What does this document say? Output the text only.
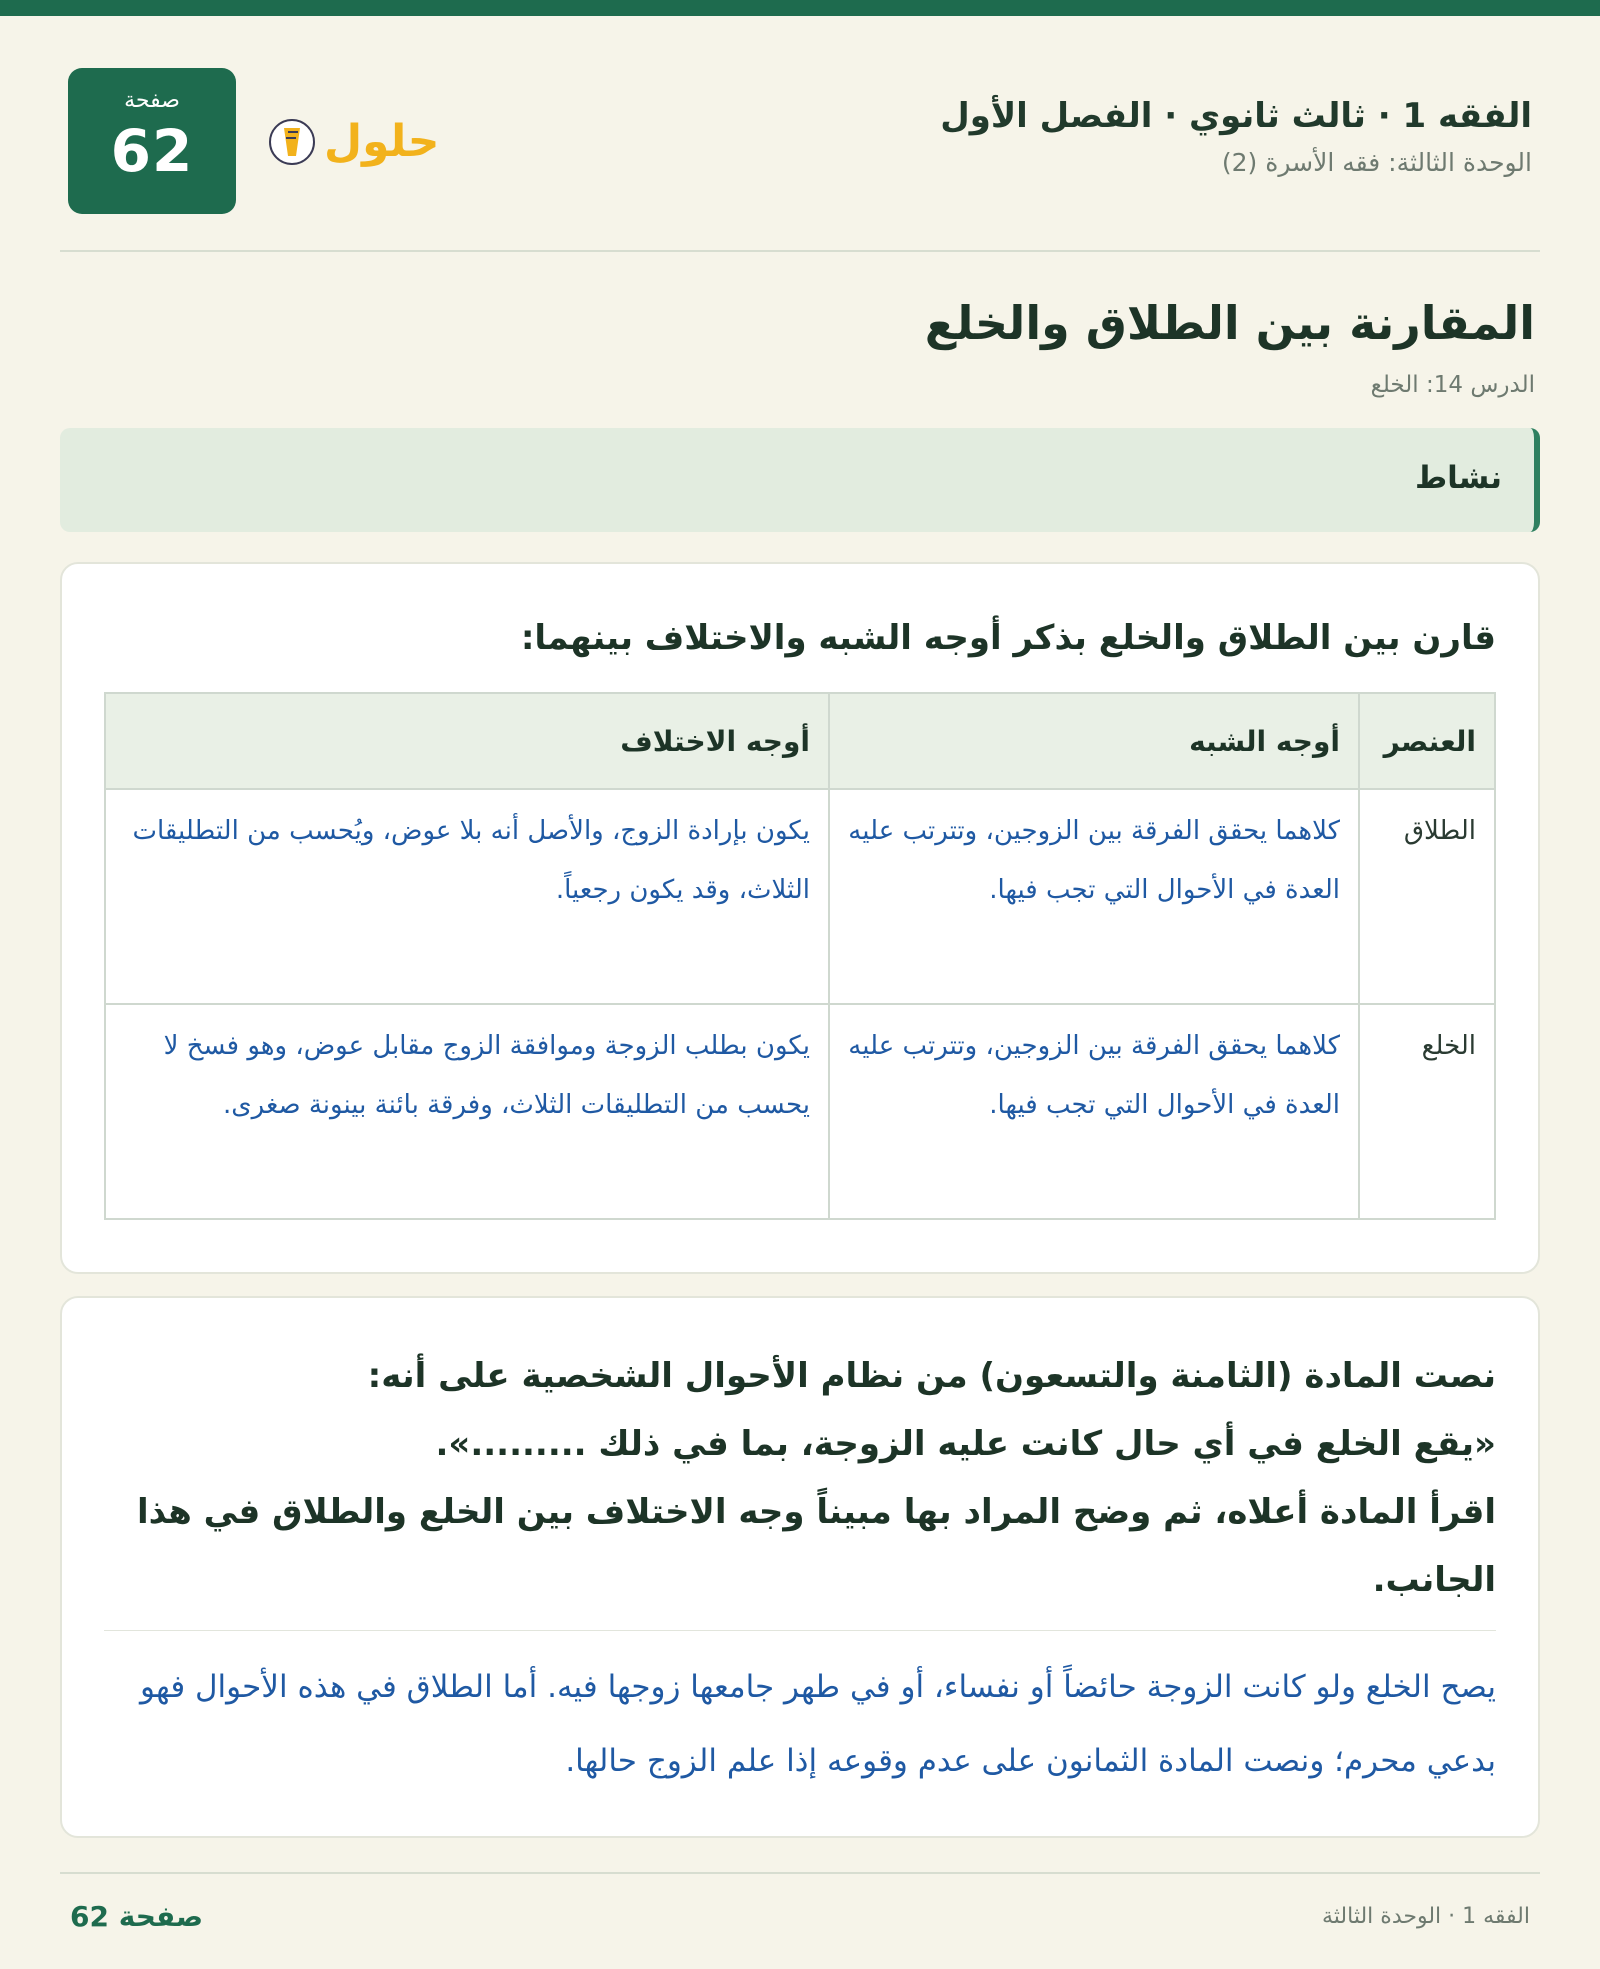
الفقه 1 · ثالث ثانوي · الفصل الأول
الوحدة الثالثة: فقه الأسرة (2)
حلول
صفحة
62
المقارنة بين الطلاق والخلع
الدرس 14: الخلع
نشاط
قارن بين الطلاق والخلع بذكر أوجه الشبه والاختلاف بينهما:
العنصر	أوجه الشبه	أوجه الاختلاف
الطلاق	كلاهما يحقق الفرقة بين الزوجين، وتترتب عليه العدة في الأحوال التي تجب فيها.	يكون بإرادة الزوج، والأصل أنه بلا عوض، ويُحسب من التطليقات الثلاث، وقد يكون رجعياً.
الخلع	كلاهما يحقق الفرقة بين الزوجين، وتترتب عليه العدة في الأحوال التي تجب فيها.	يكون بطلب الزوجة وموافقة الزوج مقابل عوض، وهو فسخ لا يحسب من التطليقات الثلاث، وفرقة بائنة بينونة صغرى.
نصت المادة (الثامنة والتسعون) من نظام الأحوال الشخصية على أنه:
«يقع الخلع في أي حال كانت عليه الزوجة، بما في ذلك .........».
اقرأ المادة أعلاه، ثم وضح المراد بها مبيناً وجه الاختلاف بين الخلع والطلاق في هذا الجانب.
يصح الخلع ولو كانت الزوجة حائضاً أو نفساء، أو في طهر جامعها زوجها فيه. أما الطلاق في هذه الأحوال فهو بدعي محرم؛ ونصت المادة الثمانون على عدم وقوعه إذا علم الزوج حالها.
الفقه 1 · الوحدة الثالثة
صفحة 62
